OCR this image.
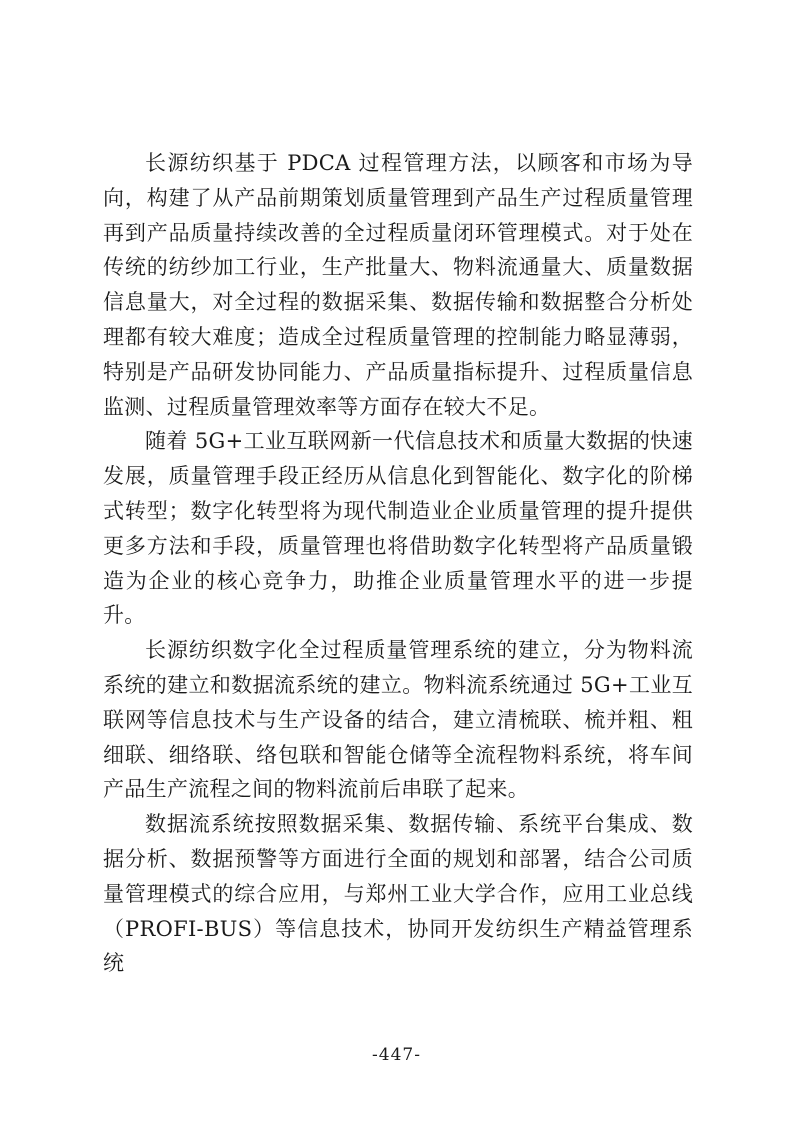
长源纺织基于 PDCA 过程管理方法，以顾客和市场为导向，构建了从产品前期策划质量管理到产品生产过程质量管理再到产品质量持续改善的全过程质量闭环管理模式。对于处在传统的纺纱加工行业，生产批量大、物料流通量大、质量数据信息量大，对全过程的数据采集、数据传输和数据整合分析处理都有较大难度；造成全过程质量管理的控制能力略显薄弱，特别是产品研发协同能力、产品质量指标提升、过程质量信息监测、过程质量管理效率等方面存在较大不足。

随着 5G+工业互联网新一代信息技术和质量大数据的快速发展，质量管理手段正经历从信息化到智能化、数字化的阶梯式转型；数字化转型将为现代制造业企业质量管理的提升提供更多方法和手段，质量管理也将借助数字化转型将产品质量锻造为企业的核心竞争力，助推企业质量管理水平的进一步提升。

长源纺织数字化全过程质量管理系统的建立，分为物料流系统的建立和数据流系统的建立。物料流系统通过 5G+工业互联网等信息技术与生产设备的结合，建立清梳联、梳并粗、粗细联、细络联、络包联和智能仓储等全流程物料系统，将车间产品生产流程之间的物料流前后串联了起来。

数据流系统按照数据采集、数据传输、系统平台集成、数据分析、数据预警等方面进行全面的规划和部署，结合公司质量管理模式的综合应用，与郑州工业大学合作，应用工业总线（PROFI-BUS）等信息技术，协同开发纺织生产精益管理系统

-447-
